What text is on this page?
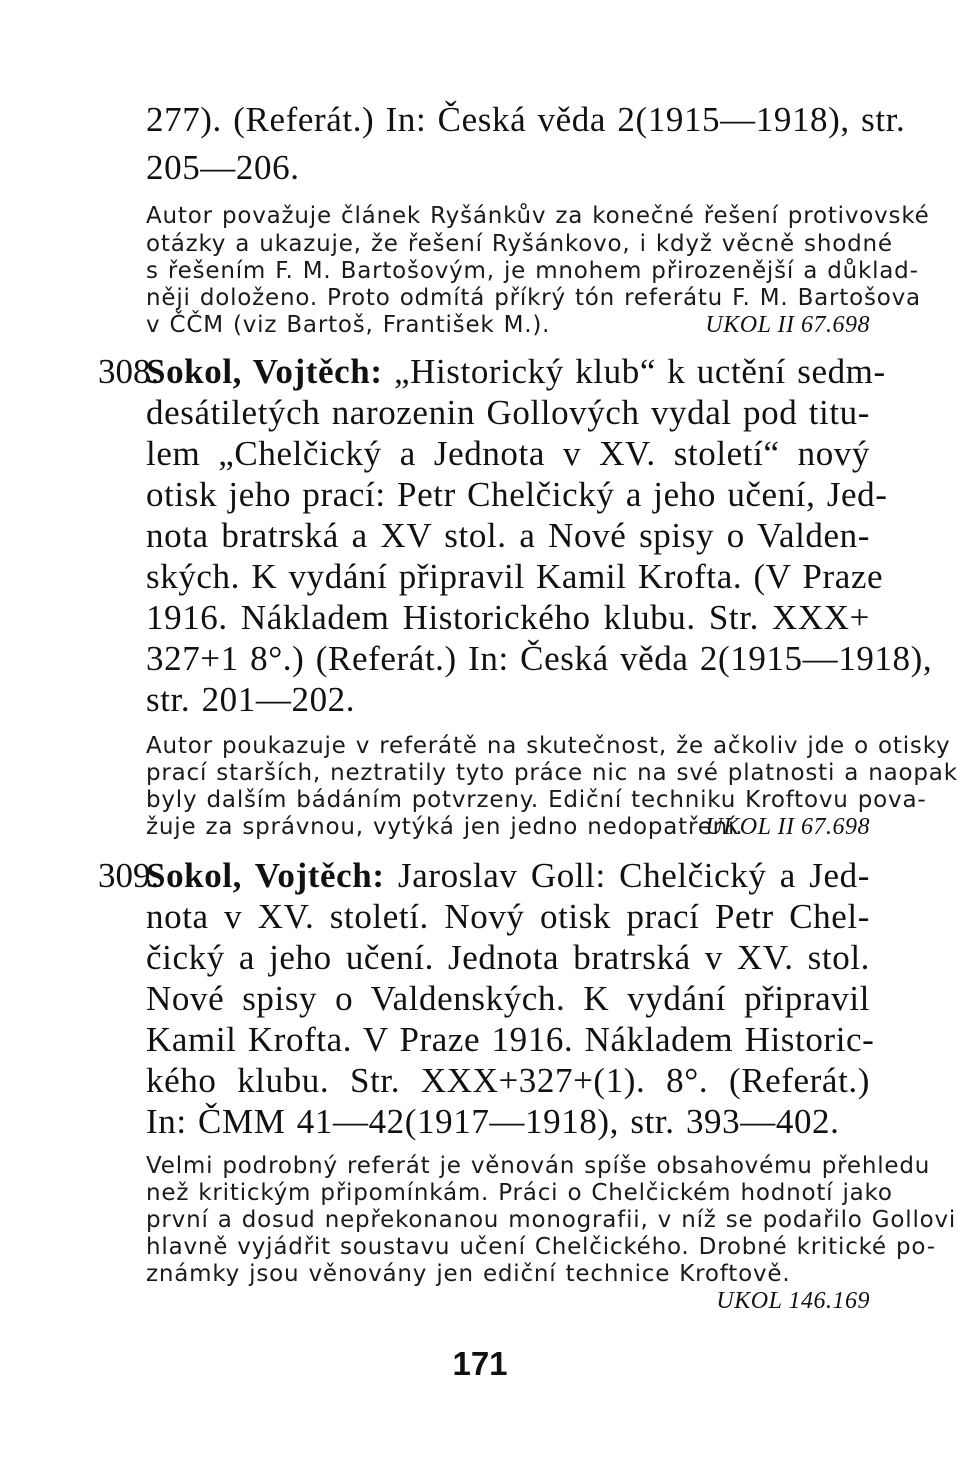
277). (Referát.) In: Česká věda 2(1915—1918), str.
205—206.
Autor považuje článek Ryšánkův za konečné řešení protivovské
otázky a ukazuje, že řešení Ryšánkovo, i když věcně shodné
s řešením F. M. Bartošovým, je mnohem přirozenější a důklad-
něji doloženo. Proto odmítá příkrý tón referátu F. M. Bartošova
v ČČM (viz Bartoš, František M.).	UKOL II 67.698
308.
Sokol, Vojtěch: „Historický klub“ k uctění sedm-
desátiletých narozenin Gollových vydal pod titu-
lem „Chelčický a Jednota v XV. století“ nový
otisk jeho prací: Petr Chelčický a jeho učení, Jed-
nota bratrská a XV stol. a Nové spisy o Valden-
ských. K vydání připravil Kamil Krofta. (V Praze
1916. Nákladem Historického klubu. Str. XXX+
327+1 8°.) (Referát.) In: Česká věda 2(1915—1918),
str. 201—202.
Autor poukazuje v referátě na skutečnost, že ačkoliv jde o otisky
prací starších, neztratily tyto práce nic na své platnosti a naopak
byly dalším bádáním potvrzeny. Ediční techniku Kroftovu pova-
žuje za správnou, vytýká jen jedno nedopatření.
UKOL II 67.698
309.
Sokol, Vojtěch: Jaroslav Goll: Chelčický a Jed-
nota v XV. století. Nový otisk prací Petr Chel-
čický a jeho učení. Jednota bratrská v XV. stol.
Nové spisy o Valdenských. K vydání připravil
Kamil Krofta. V Praze 1916. Nákladem Historic-
kého klubu. Str. XXX+327+(1). 8°. (Referát.)
In: ČMM 41—42(1917—1918), str. 393—402.
Velmi podrobný referát je věnován spíše obsahovému přehledu
než kritickým připomínkám. Práci o Chelčickém hodnotí jako
první a dosud nepřekonanou monografii, v níž se podařilo Gollovi
hlavně vyjádřit soustavu učení Chelčického. Drobné kritické po-
známky jsou věnovány jen ediční technice Kroftově.
UKOL 146.169
171
